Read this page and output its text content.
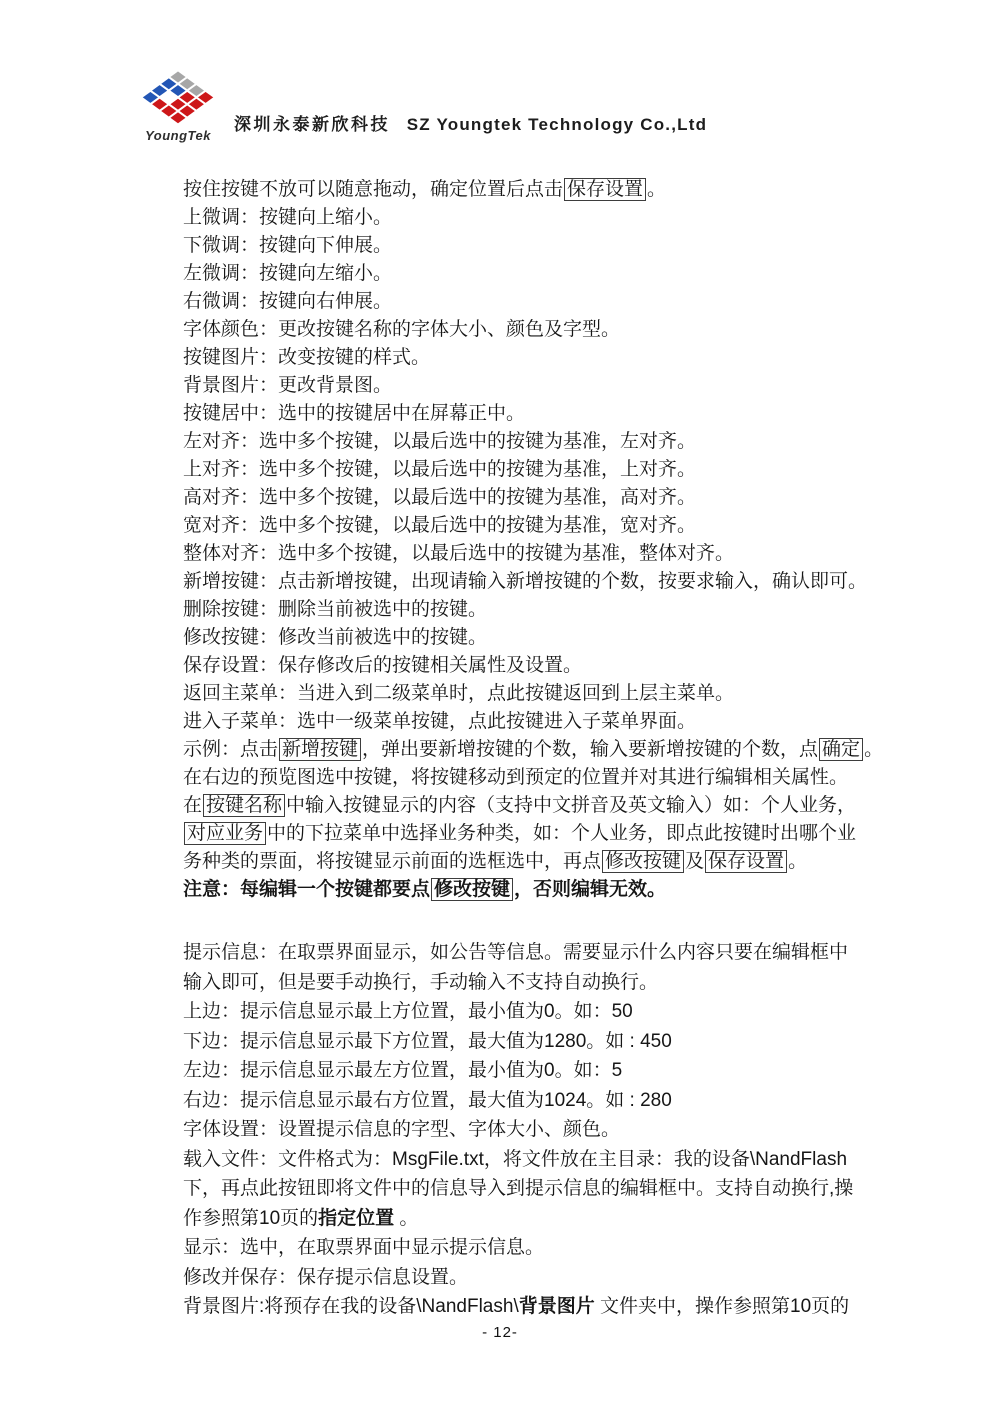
YoungTek
深圳永泰新欣科技 SZ Youngtek Technology Co.,Ltd
按住按键不放可以随意拖动，确定位置后点击 保存设置 。
上微调：按键向上缩小。
下微调：按键向下伸展。
左微调：按键向左缩小。
右微调：按键向右伸展。
字体颜色：更改按键名称的字体大小、颜色及字型。
按键图片：改变按键的样式。
背景图片：更改背景图。
按键居中：选中的按键居中在屏幕正中。
左对齐：选中多个按键，以最后选中的按键为基准，左对齐。
上对齐：选中多个按键，以最后选中的按键为基准，上对齐。
高对齐：选中多个按键，以最后选中的按键为基准，高对齐。
宽对齐：选中多个按键，以最后选中的按键为基准，宽对齐。
整体对齐：选中多个按键，以最后选中的按键为基准，整体对齐。
新增按键：点击新增按键，出现请输入新增按键的个数，按要求输入，确认即可。
删除按键：删除当前被选中的按键。
修改按键：修改当前被选中的按键。
保存设置：保存修改后的按键相关属性及设置。
返回主菜单：当进入到二级菜单时，点此按键返回到上层主菜单。
进入子菜单：选中一级菜单按键，点此按键进入子菜单界面。
示例：点击 新增按键 ，弹出要新增按键的个数，输入要新增按键的个数，点 确定 。
在右边的预览图选中按键，将按键移动到预定的位置并对其进行编辑相关属性。
在 按键名称 中输入按键显示的内容（支持中文拼音及英文输入）如：个人业务，
对应业务 中的下拉菜单中选择业务种类，如：个人业务，即点此按键时出哪个业
务种类的票面，将按键显示前面的选框选中，再点 修改按键 及 保存设置 。
注意：每编辑一个按键都要点 修改按键 ，否则编辑无效。
提示信息：在取票界面显示，如公告等信息。需要显示什么内容只要在编辑框中
输入即可，但是要手动换行，手动输入不支持自动换行。
上边：提示信息显示最上方位置，最小值为0。如：50
下边：提示信息显示最下方位置，最大值为1280。如 : 450
左边：提示信息显示最左方位置，最小值为0。如：5
右边：提示信息显示最右方位置，最大值为1024。如 : 280
字体设置：设置提示信息的字型、字体大小、颜色。
载入文件：文件格式为：MsgFile.txt，将文件放在主目录：我的设备\NandFlash
下，再点此按钮即将文件中的信息导入到提示信息的编辑框中。支持自动换行,操
作参照第10页的指定位置 。
显示：选中，在取票界面中显示提示信息。
修改并保存：保存提示信息设置。
背景图片:将预存在我的设备\NandFlash\背景图片 文件夹中，操作参照第10页的
- 12-
